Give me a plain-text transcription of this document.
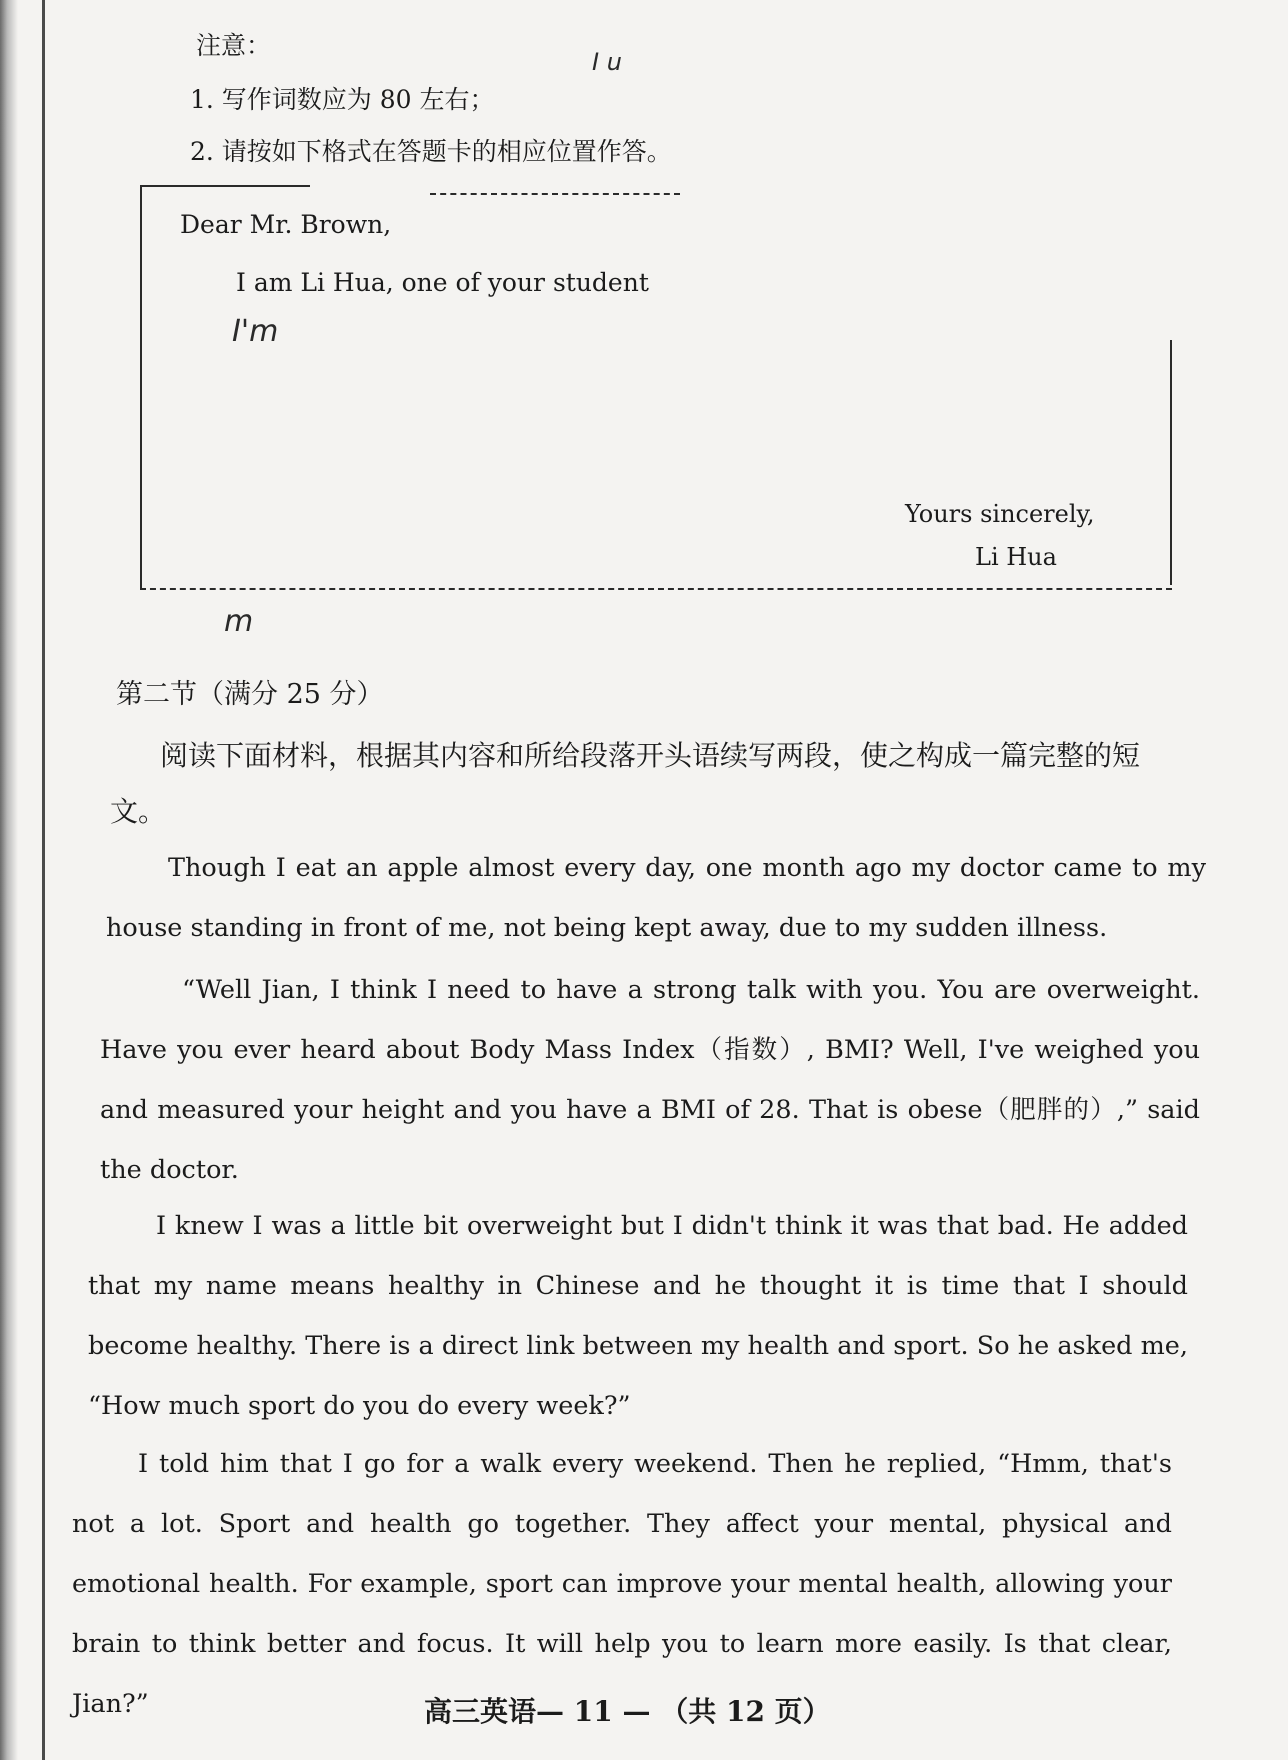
注意：
1. 写作词数应为 80 左右；
2. 请按如下格式在答题卡的相应位置作答。
I u
Dear Mr. Brown,
I am Li Hua, one of your student
I'm
Yours sincerely,
Li Hua
m
第二节（满分 25 分）
阅读下面材料，根据其内容和所给段落开头语续写两段，使之构成一篇完整的短文。
Though I eat an apple almost every day, one month ago my doctor came to my house standing in front of me, not being kept away, due to my sudden illness.
“Well Jian, I think I need to have a strong talk with you. You are overweight. Have you ever heard about Body Mass Index（指数）, BMI? Well, I've weighed you and measured your height and you have a BMI of 28. That is obese（肥胖的）,” said the doctor.
I knew I was a little bit overweight but I didn't think it was that bad. He added that my name means healthy in Chinese and he thought it is time that I should become healthy. There is a direct link between my health and sport. So he asked me, “How much sport do you do every week?”
I told him that I go for a walk every weekend. Then he replied, “Hmm, that's not a lot. Sport and health go together. They affect your mental, physical and emotional health. For example, sport can improve your mental health, allowing your brain to think better and focus. It will help you to learn more easily. Is that clear, Jian?”	高三英语— 11 — （共 12 页）
